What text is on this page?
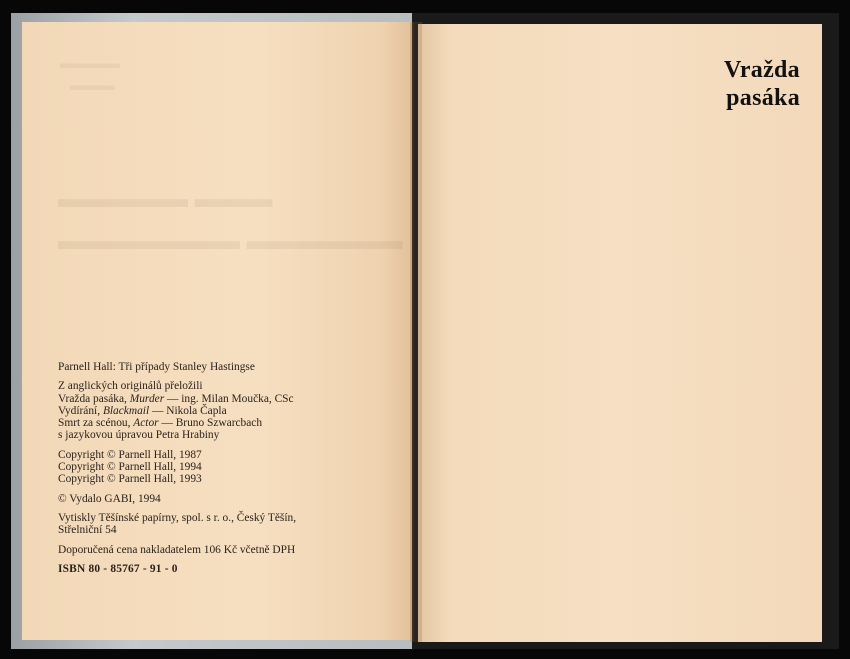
▬▬▬▬
▬▬▬
▬▬▬ ▬▬▬▬▬
▬▬▬▬▬▬ ▬▬▬▬▬▬▬
Parnell Hall: Tři případy Stanley Hastingse
Z anglických originálů přeložili
Vražda pasáka, Murder — ing. Milan Moučka, CSc
Vydírání, Blackmail — Nikola Čapla
Smrt za scénou, Actor — Bruno Szwarcbach
s jazykovou úpravou Petra Hrabiny
Copyright © Parnell Hall, 1987
Copyright © Parnell Hall, 1994
Copyright © Parnell Hall, 1993
© Vydalo GABI, 1994
Vytiskly Těšínské papírny, spol. s r. o., Český Těšín,
Střelniční 54
Doporučená cena nakladatelem 106 Kč včetně DPH
ISBN 80 - 85767 - 91 - 0
Vražda
pasáka
